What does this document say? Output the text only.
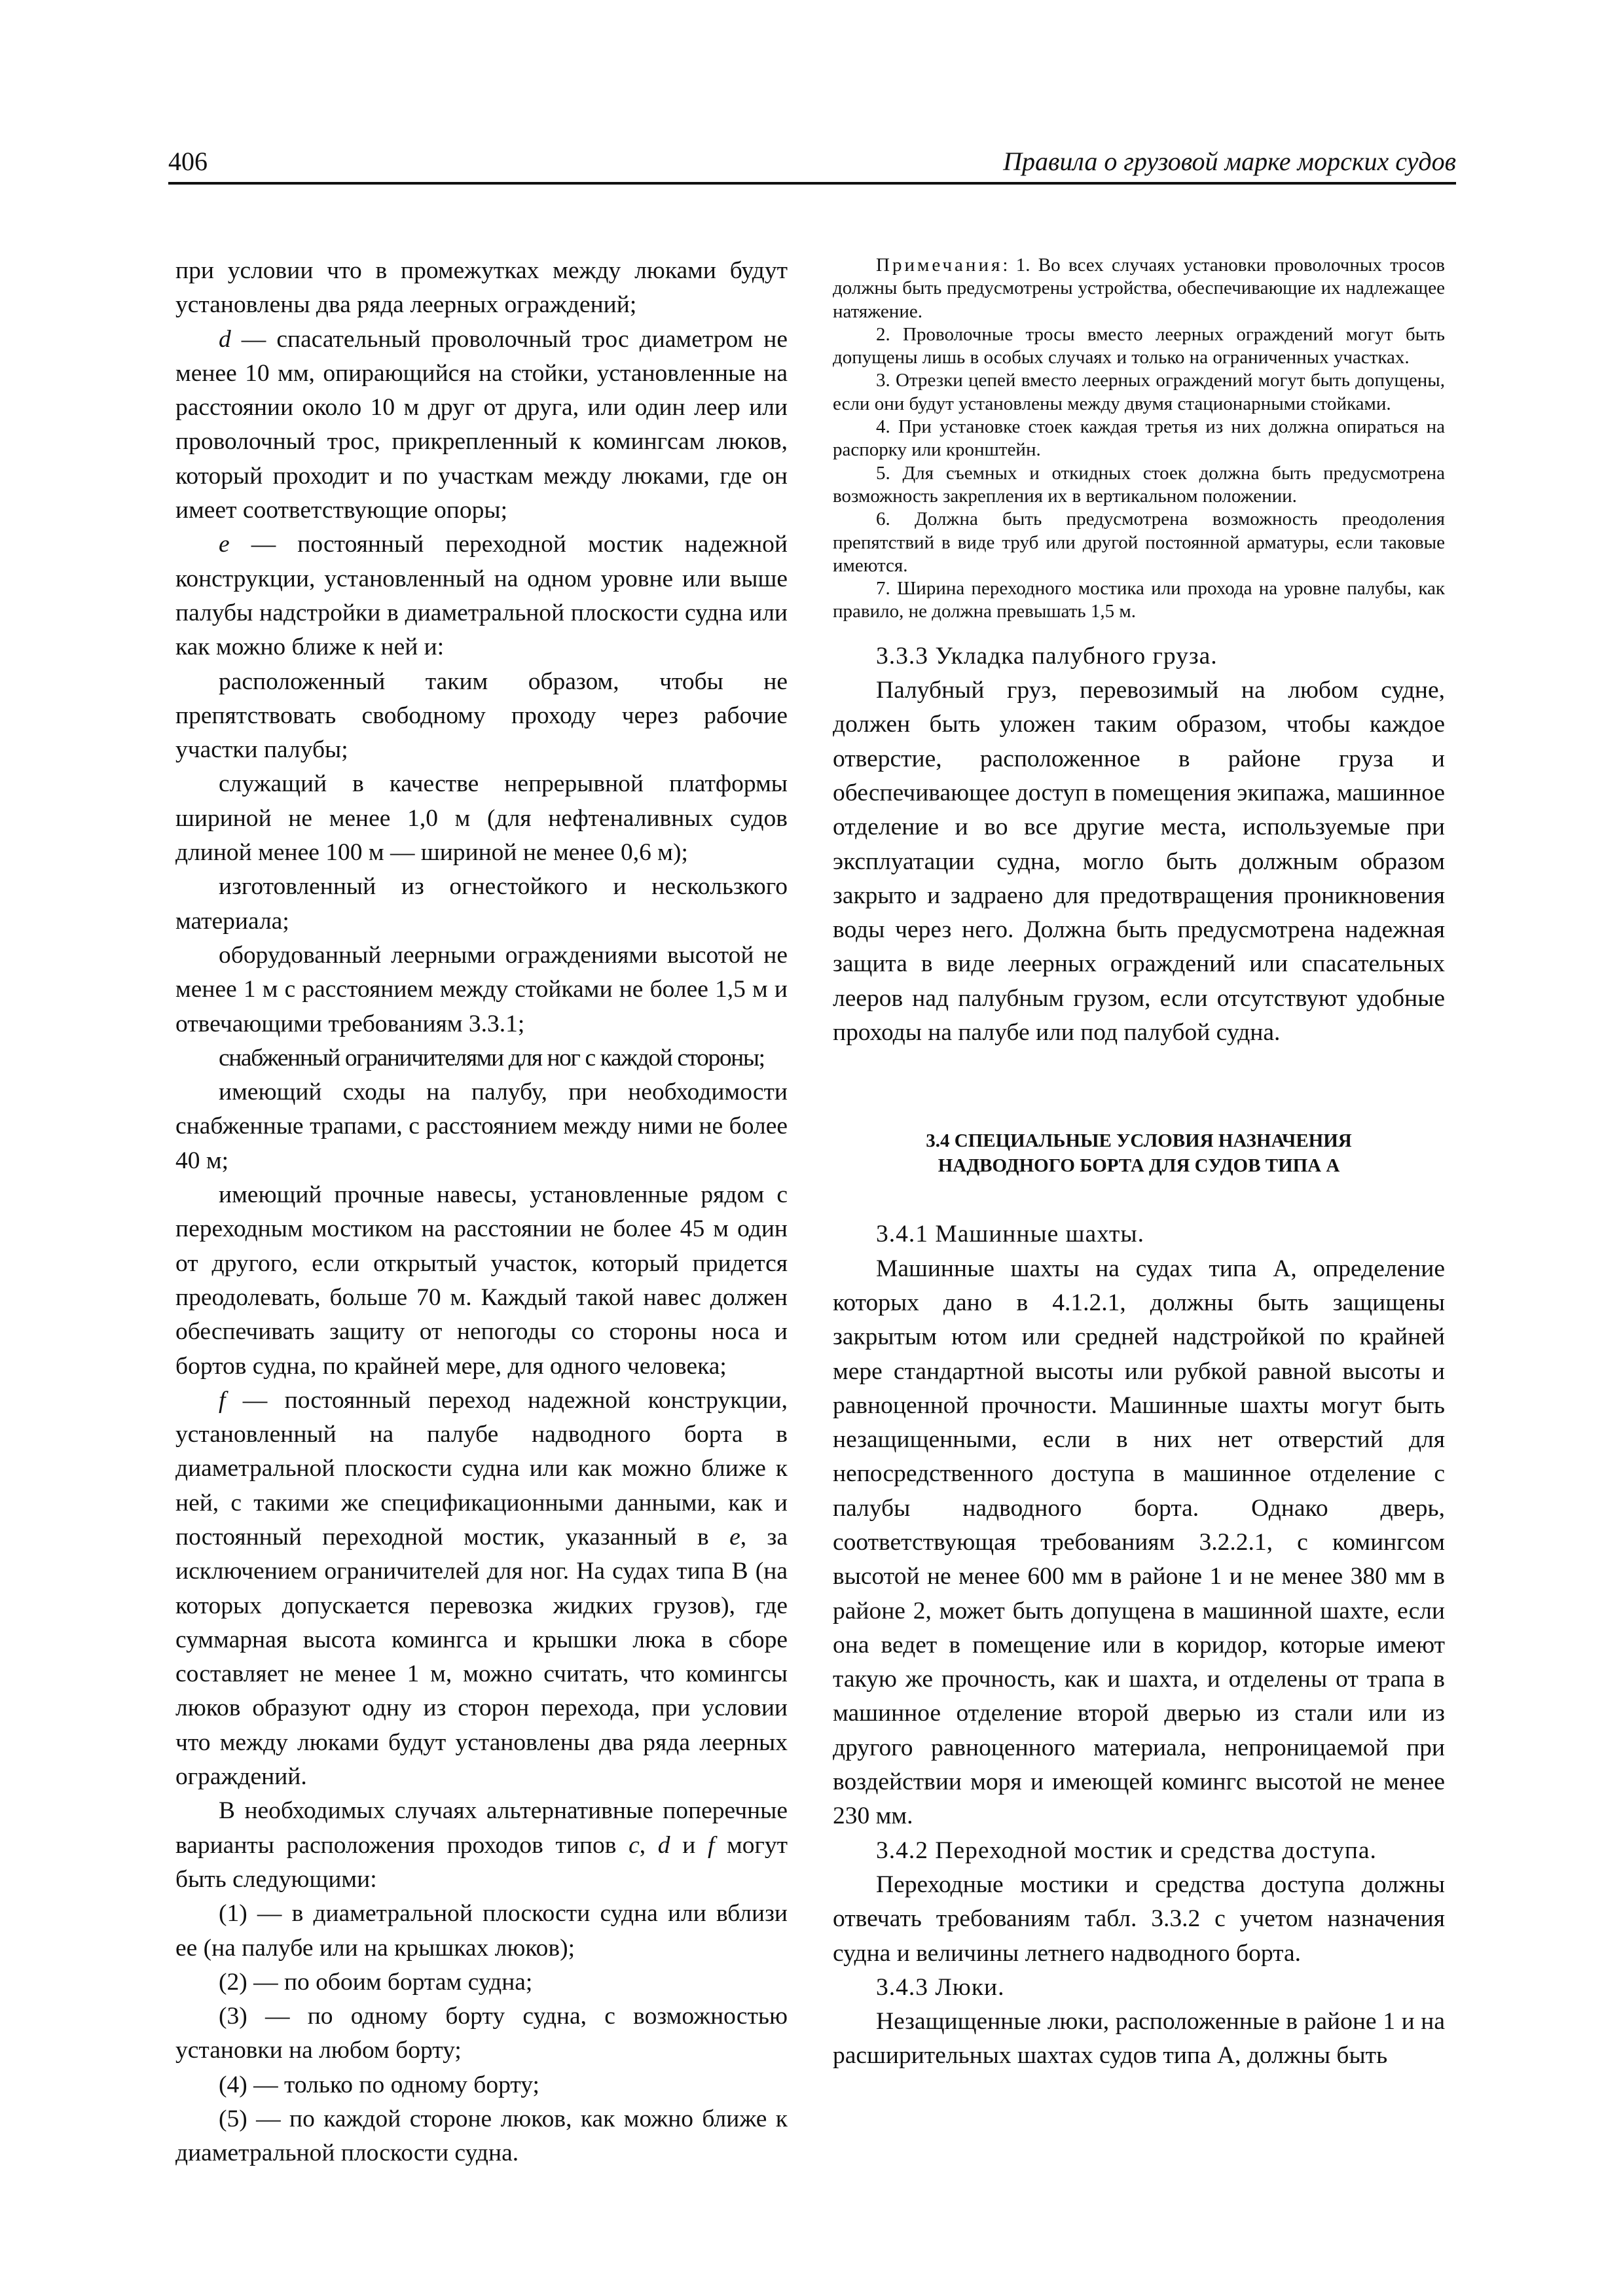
406	Правила о грузовой марке морских судов

при условии что в промежутках между люками будут установлены два ряда леерных ограждений;

d — спасательный проволочный трос диаметром не менее 10 мм, опирающийся на стойки, установленные на расстоянии около 10 м друг от друга, или один леер или проволочный трос, прикрепленный к комингсам люков, который проходит и по участкам между люками, где он имеет соответствующие опоры;

e — постоянный переходной мостик надежной конструкции, установленный на одном уровне или выше палубы надстройки в диаметральной плоскости судна или как можно ближе к ней и:

расположенный таким образом, чтобы не препятствовать свободному проходу через рабочие участки палубы;

служащий в качестве непрерывной платформы шириной не менее 1,0 м (для нефтеналивных судов длиной менее 100 м — шириной не менее 0,6 м);

изготовленный из огнестойкого и нескользкого материала;

оборудованный леерными ограждениями высотой не менее 1 м с расстоянием между стойками не более 1,5 м и отвечающими требованиям 3.3.1;

снабженный ограничителями для ног с каждой стороны;

имеющий сходы на палубу, при необходимости снабженные трапами, с расстоянием между ними не более 40 м;

имеющий прочные навесы, установленные рядом с переходным мостиком на расстоянии не более 45 м один от другого, если открытый участок, который придется преодолевать, больше 70 м. Каждый такой навес должен обеспечивать защиту от непогоды со стороны носа и бортов судна, по крайней мере, для одного человека;

f — постоянный переход надежной конструкции, установленный на палубе надводного борта в диаметральной плоскости судна или как можно ближе к ней, с такими же спецификационными данными, как и постоянный переходной мостик, указанный в e, за исключением ограничителей для ног. На судах типа B (на которых допускается перевозка жидких грузов), где суммарная высота комингса и крышки люка в сборе составляет не менее 1 м, можно считать, что комингсы люков образуют одну из сторон перехода, при условии что между люками будут установлены два ряда леерных ограждений.

В необходимых случаях альтернативные поперечные варианты расположения проходов типов c, d и f могут быть следующими:

(1) — в диаметральной плоскости судна или вблизи ее (на палубе или на крышках люков);

(2) — по обоим бортам судна;

(3) — по одному борту судна, с возможностью установки на любом борту;

(4) — только по одному борту;

(5) — по каждой стороне люков, как можно ближе к диаметральной плоскости судна.

Примечания: 1. Во всех случаях установки проволочных тросов должны быть предусмотрены устройства, обеспечивающие их надлежащее натяжение.

2. Проволочные тросы вместо леерных ограждений могут быть допущены лишь в особых случаях и только на ограниченных участках.

3. Отрезки цепей вместо леерных ограждений могут быть допущены, если они будут установлены между двумя стационарными стойками.

4. При установке стоек каждая третья из них должна опираться на распорку или кронштейн.

5. Для съемных и откидных стоек должна быть предусмотрена возможность закрепления их в вертикальном положении.

6. Должна быть предусмотрена возможность преодоления препятствий в виде труб или другой постоянной арматуры, если таковые имеются.

7. Ширина переходного мостика или прохода на уровне палубы, как правило, не должна превышать 1,5 м.

3.3.3 Укладка палубного груза.

Палубный груз, перевозимый на любом судне, должен быть уложен таким образом, чтобы каждое отверстие, расположенное в районе груза и обеспечивающее доступ в помещения экипажа, машинное отделение и во все другие места, используемые при эксплуатации судна, могло быть должным образом закрыто и задраено для предотвращения проникновения воды через него. Должна быть предусмотрена надежная защита в виде леерных ограждений или спасательных лееров над палубным грузом, если отсутствуют удобные проходы на палубе или под палубой судна.

3.4 СПЕЦИАЛЬНЫЕ УСЛОВИЯ НАЗНАЧЕНИЯ

НАДВОДНОГО БОРТА ДЛЯ СУДОВ ТИПА А

3.4.1 Машинные шахты.

Машинные шахты на судах типа А, определение которых дано в 4.1.2.1, должны быть защищены закрытым ютом или средней надстройкой по крайней мере стандартной высоты или рубкой равной высоты и равноценной прочности. Машинные шахты могут быть незащищенными, если в них нет отверстий для непосредственного доступа в машинное отделение с палубы надводного борта. Однако дверь, соответствующая требованиям 3.2.2.1, с комингсом высотой не менее 600 мм в районе 1 и не менее 380 мм в районе 2, может быть допущена в машинной шахте, если она ведет в помещение или в коридор, которые имеют такую же прочность, как и шахта, и отделены от трапа в машинное отделение второй дверью из стали или из другого равноценного материала, непроницаемой при воздействии моря и имеющей комингс высотой не менее 230 мм.

3.4.2 Переходной мостик и средства доступа.

Переходные мостики и средства доступа должны отвечать требованиям табл. 3.3.2 с учетом назначения судна и величины летнего надводного борта.

3.4.3 Люки.

Незащищенные люки, расположенные в районе 1 и на расширительных шахтах судов типа А, должны быть
